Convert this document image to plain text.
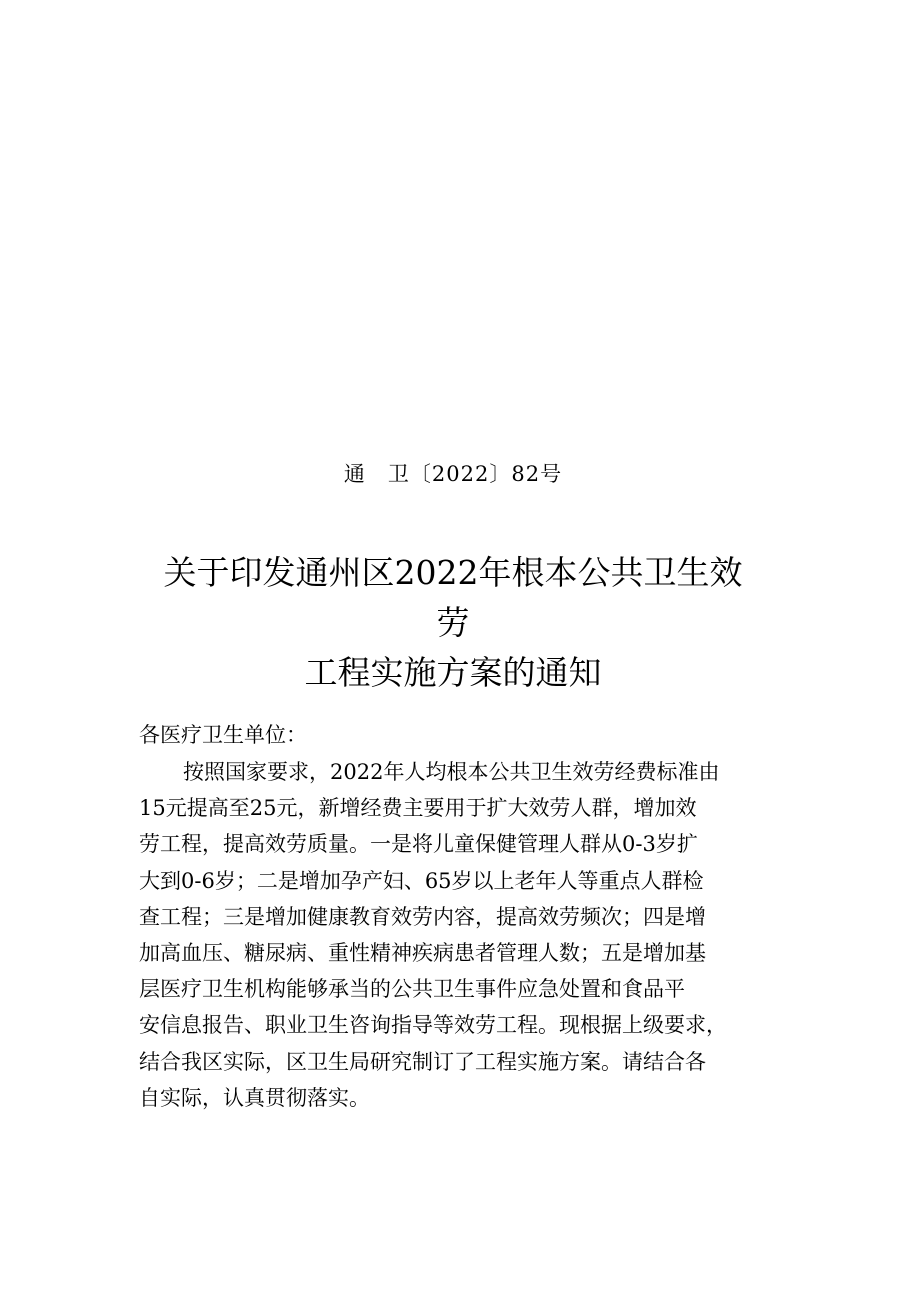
通　卫〔2022〕82号
关于印发通州区2022年根本公共卫生效
劳
工程实施方案的通知
各医疗卫生单位：
按照国家要求，2022年人均根本公共卫生效劳经费标准由
15元提高至25元，新增经费主要用于扩大效劳人群，增加效
劳工程，提高效劳质量。一是将儿童保健管理人群从0-3岁扩
大到0-6岁；二是增加孕产妇、65岁以上老年人等重点人群检
查工程；三是增加健康教育效劳内容，提高效劳频次；四是增
加高血压、糖尿病、重性精神疾病患者管理人数；五是增加基
层医疗卫生机构能够承当的公共卫生事件应急处置和食品平
安信息报告、职业卫生咨询指导等效劳工程。现根据上级要求，
结合我区实际，区卫生局研究制订了工程实施方案。请结合各
自实际，认真贯彻落实。
